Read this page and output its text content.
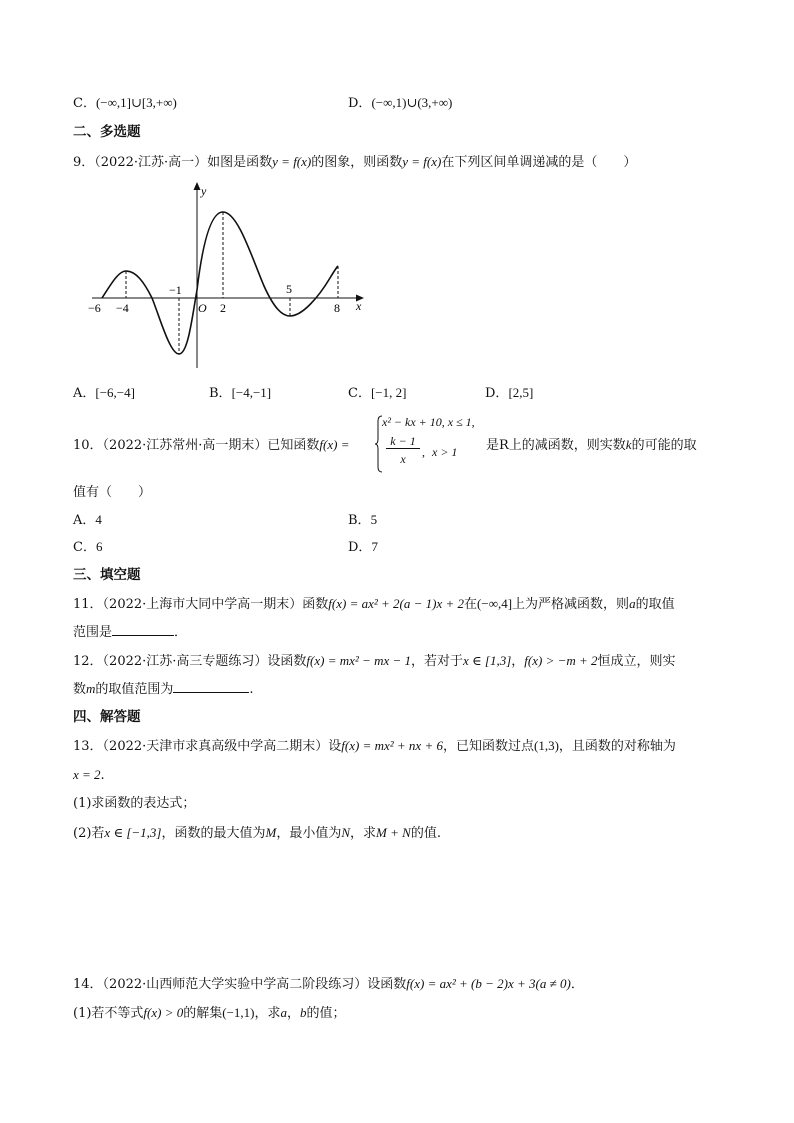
C．(−∞,1]∪[3,+∞)	D．(−∞,1)∪(3,+∞)
二、多选题
9．（2022·江苏·高一）如图是函数y = f(x)的图象，则函数y = f(x)在下列区间单调递减的是（　　）
y
x
O
−6 −4
−1
2
5
8
A．[−6,−4]	B．[−4,−1]	C．[−1, 2]	D．[2,5]
10．（2022·江苏常州·高一期末）已知函数f(x) =
x² − kx + 10, x ≤ 1,
k − 1
x	, x > 1 是R上的减函数，则实数k的可能的取
值有（　　）
A．4	B．5
C．6	D．7
三、填空题
11．（2022·上海市大同中学高一期末）函数f(x) = ax² + 2(a − 1)x + 2在(−∞,4]上为严格减函数，则a的取值
范围是	．
12．（2022·江苏·高三专题练习）设函数f(x) = mx² − mx − 1，若对于x ∈ [1,3]，f(x) > −m + 2恒成立，则实
数m的取值范围为	.
四、解答题
13．（2022·天津市求真高级中学高二期末）设f(x) = mx² + nx + 6，已知函数过点(1,3)，且函数的对称轴为
x = 2.
(1)求函数的表达式；
(2)若x ∈ [−1,3]，函数的最大值为M，最小值为N，求M + N的值.
14．（2022·山西师范大学实验中学高二阶段练习）设函数f(x) = ax² + (b − 2)x + 3(a ≠ 0)．
(1)若不等式f(x) > 0的解集(−1,1)，求a，b的值；
